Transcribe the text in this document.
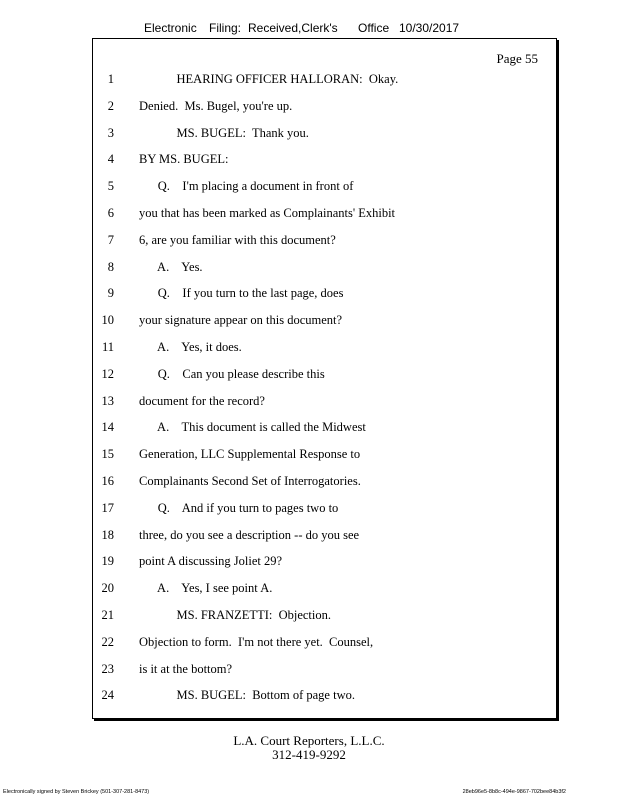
Electronic Filing: Received,Clerk's Office 10/30/2017
Page 55
1 HEARING OFFICER HALLORAN:  Okay.
2 Denied.  Ms. Bugel, you're up.
3 MS. BUGEL:  Thank you.
4 BY MS. BUGEL:
5 Q.    I'm placing a document in front of
6 you that has been marked as Complainants' Exhibit
7 6, are you familiar with this document?
8 A.    Yes.
9 Q.    If you turn to the last page, does
10 your signature appear on this document?
11 A.    Yes, it does.
12 Q.    Can you please describe this
13 document for the record?
14 A.    This document is called the Midwest
15 Generation, LLC Supplemental Response to
16 Complainants Second Set of Interrogatories.
17 Q.    And if you turn to pages two to
18 three, do you see a description -- do you see
19 point A discussing Joliet 29?
20 A.    Yes, I see point A.
21 MS. FRANZETTI:  Objection.
22 Objection to form.  I'm not there yet.  Counsel,
23 is it at the bottom?
24 MS. BUGEL:  Bottom of page two.
L.A. Court Reporters, L.L.C.
312-419-9292
Electronically signed by Steven Brickey (501-307-281-8473)	28eb96e5-8b8c-494e-9867-702bee84b3f2
